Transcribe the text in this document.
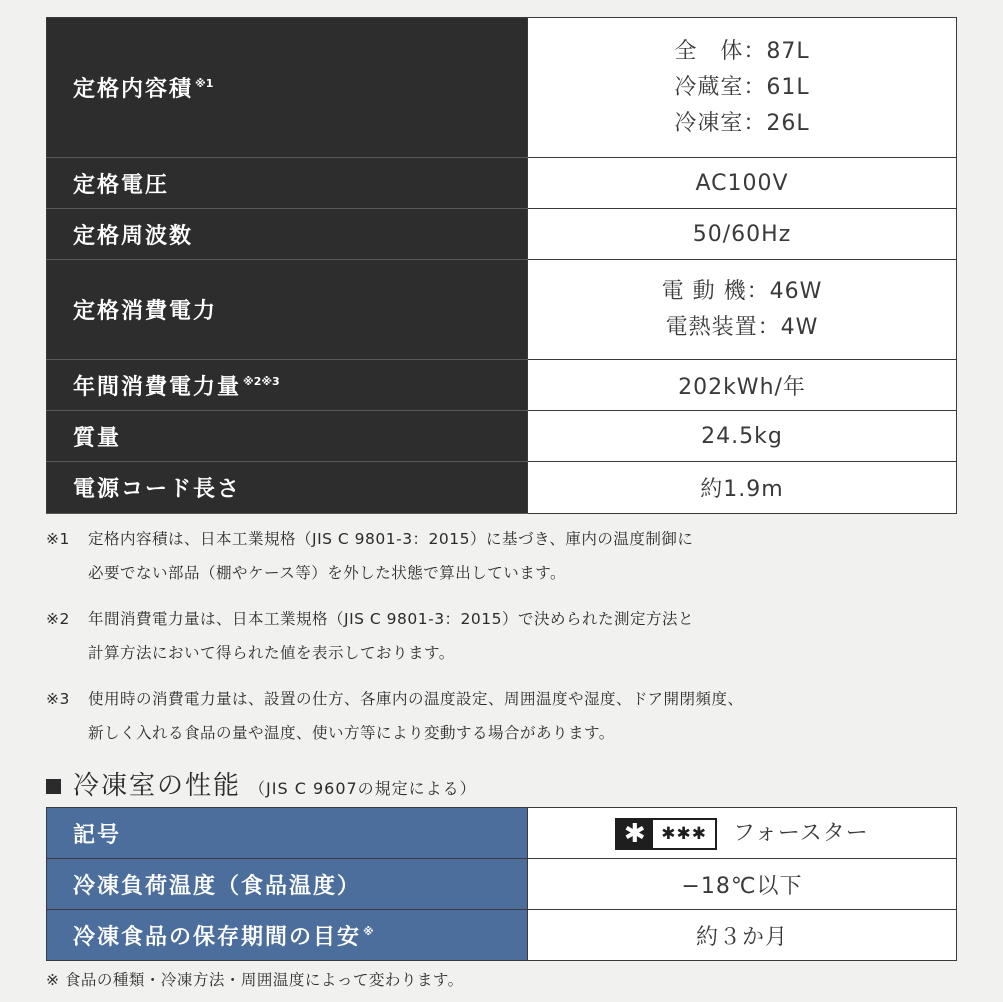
定格内容積 $^{※1}$	全　体：87L
冷蔵室：61L
冷凍室：26L

定格電圧	AC100V
定格周波数	50/60Hz
定格消費電力	電 動 機：46W
電熱装置：4W

年間消費電力量 $^{※2※3}$	202kWh/年
質量	24.5kg
電源コード長さ	約1.9m
※1 定格内容積は、日本工業規格（JIS C 9801-3：2015）に基づき、庫内の温度制御に
必要でない部品（棚やケース等）を外した状態で算出しています。
※2 年間消費電力量は、日本工業規格（JIS C 9801-3：2015）で決められた測定方法と
計算方法において得られた値を表示しております。
※3 使用時の消費電力量は、設置の仕方、各庫内の温度設定、周囲温度や湿度、ドア開閉頻度、
新しく入れる食品の量や温度、使い方等により変動する場合があります。
冷凍室の性能 （JIS C 9607の規定による）
記号	✱ ✱✱✱ フォースター
冷凍負荷温度（食品温度）	−18℃以下
冷凍食品の保存期間の目安 ※	約３か月
※ 食品の種類・冷凍方法・周囲温度によって変わります。
